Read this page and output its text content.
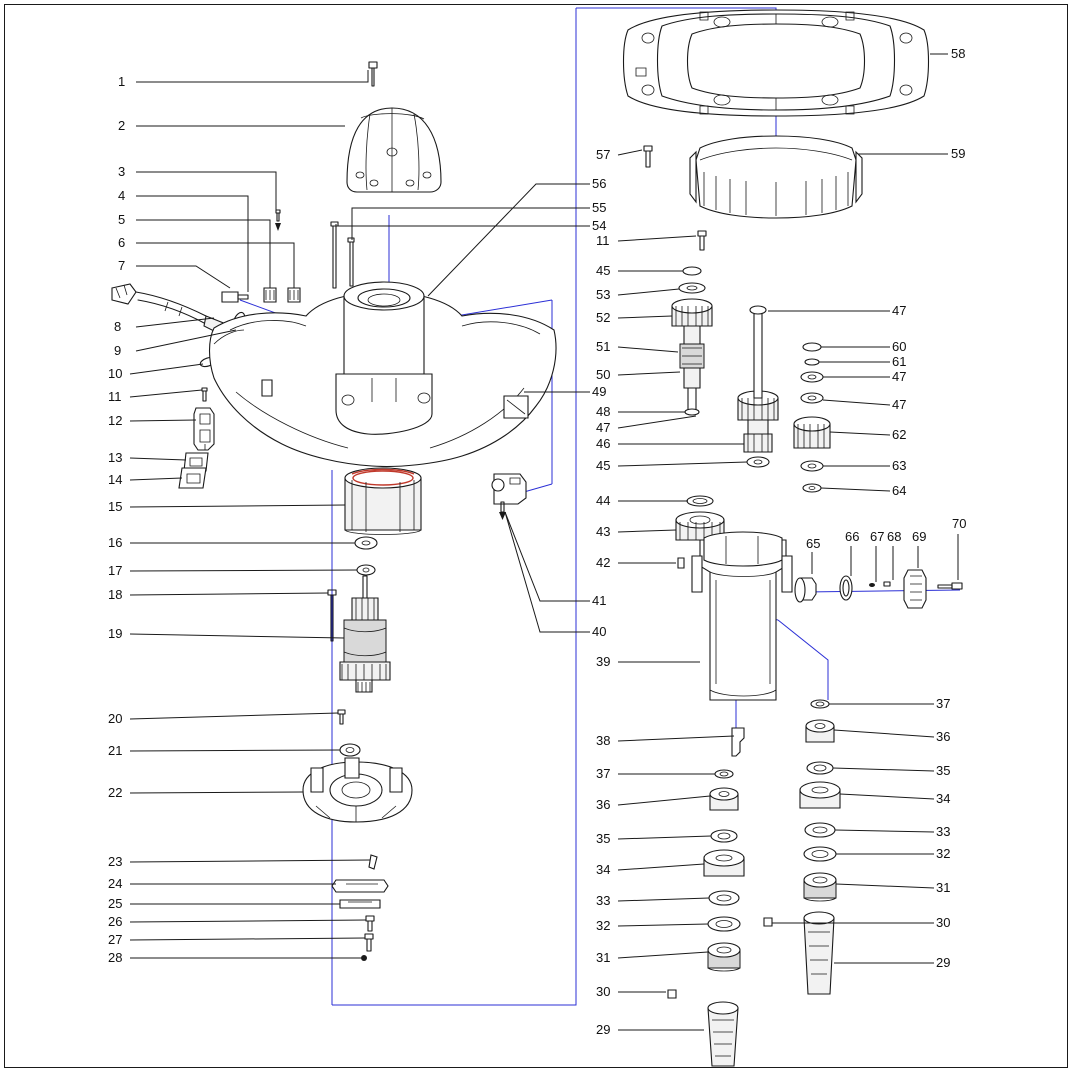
1
2
3
4
5
6
7
8
9
10
11
12
13
14
15
16
17
18
19
20
21
22
23
24
25
26
27
28
56
55
54
49
41
40
57
11
45
53
52
51
50
48
47
46
45
44
43
42
39
38
37
36
35
34
33
32
31
30
29
58
59
47
60
61
47
47
62
63
64
37
36
35
34
33
32
31
30
29
65 66 67 68 69
70
